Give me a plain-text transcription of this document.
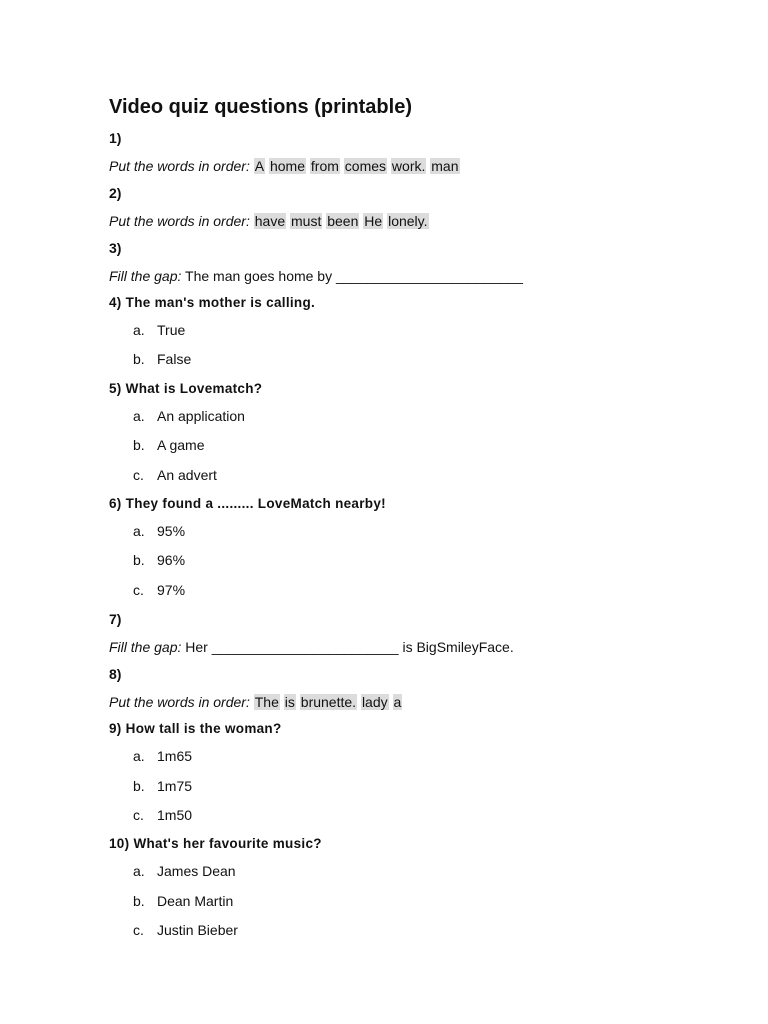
Video quiz questions (printable)
1)
Put the words in order: A home from comes work. man
2)
Put the words in order: have must been He lonely.
3)
Fill the gap: The man goes home by ________________________
4) The man's mother is calling.
a. True
b. False
5) What is Lovematch?
a. An application
b. A game
c. An advert
6) They found a ......... LoveMatch nearby!
a. 95%
b. 96%
c. 97%
7)
Fill the gap: Her ________________________ is BigSmileyFace.
8)
Put the words in order: The is brunette. lady a
9) How tall is the woman?
a. 1m65
b. 1m75
c. 1m50
10) What's her favourite music?
a. James Dean
b. Dean Martin
c. Justin Bieber
